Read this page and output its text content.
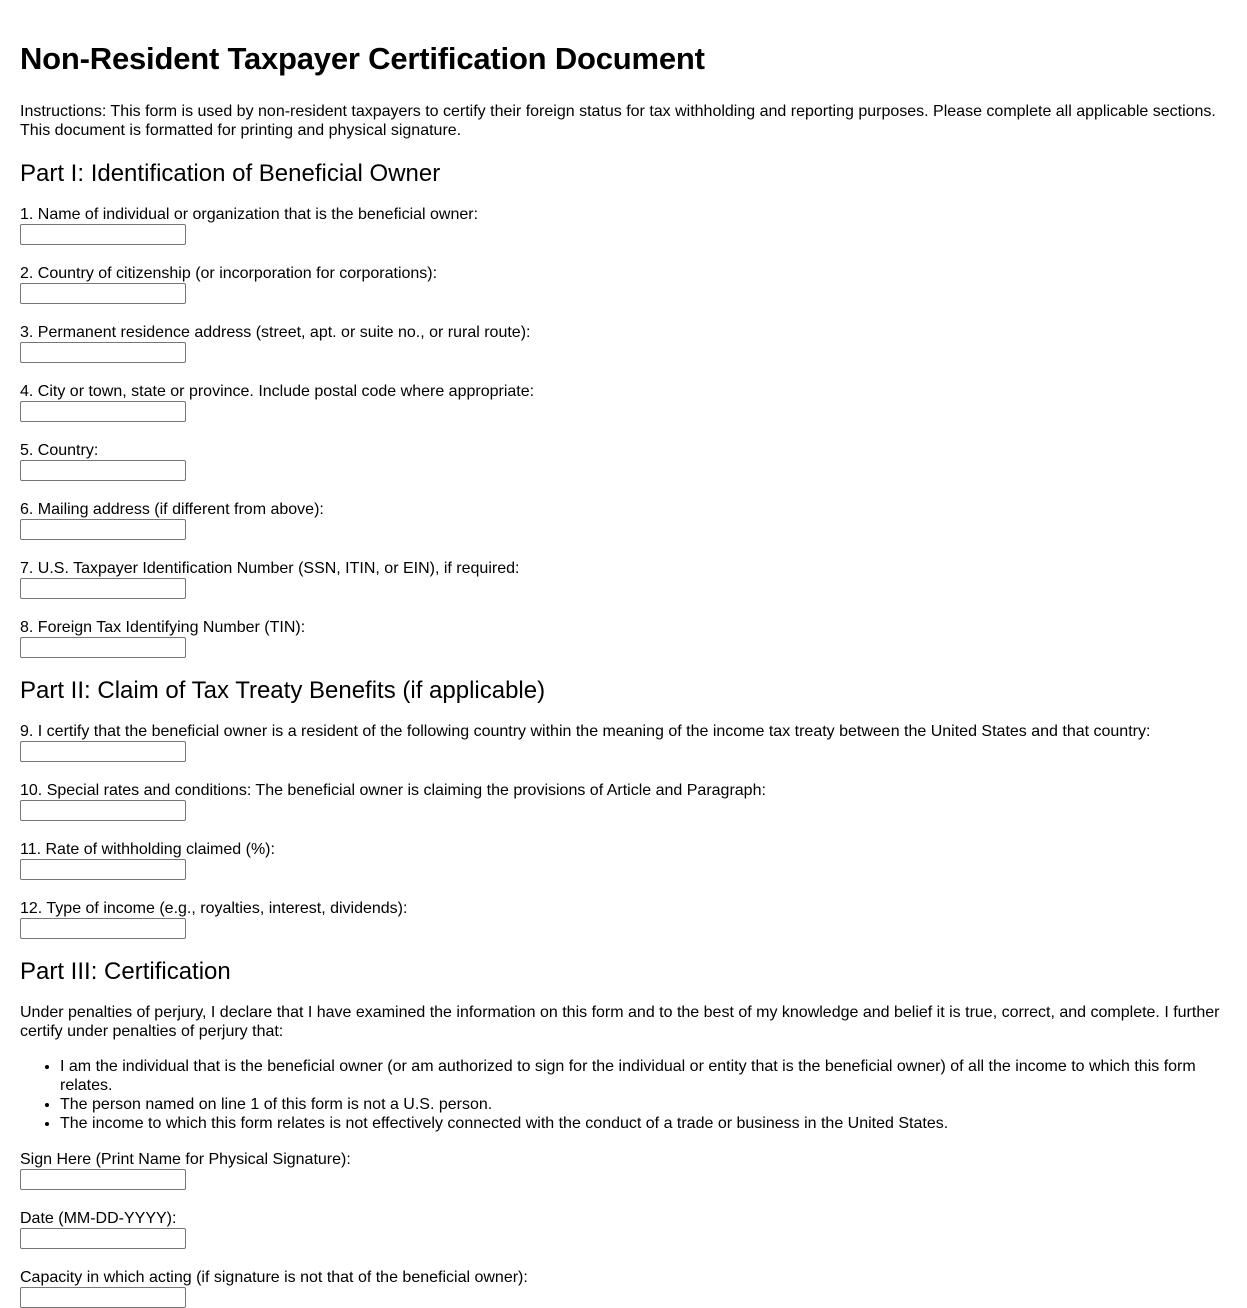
Non-Resident Taxpayer Certification Document

Instructions: This form is used by non-resident taxpayers to certify their foreign status for tax withholding and reporting purposes. Please complete all applicable sections.
This document is formatted for printing and physical signature.

Part I: Identification of Beneficial Owner
1. Name of individual or organization that is the beneficial owner:
2. Country of citizenship (or incorporation for corporations):
3. Permanent residence address (street, apt. or suite no., or rural route):
4. City or town, state or province. Include postal code where appropriate:
5. Country:
6. Mailing address (if different from above):
7. U.S. Taxpayer Identification Number (SSN, ITIN, or EIN), if required:
8. Foreign Tax Identifying Number (TIN):
Part II: Claim of Tax Treaty Benefits (if applicable)
9. I certify that the beneficial owner is a resident of the following country within the meaning of the income tax treaty between the United States and that country:
10. Special rates and conditions: The beneficial owner is claiming the provisions of Article and Paragraph:
11. Rate of withholding claimed (%):
12. Type of income (e.g., royalties, interest, dividends):
Part III: Certification

Under penalties of perjury, I declare that I have examined the information on this form and to the best of my knowledge and belief it is true, correct, and complete. I further certify under penalties of perjury that:

• I am the individual that is the beneficial owner (or am authorized to sign for the individual or entity that is the beneficial owner) of all the income to which this form relates.
• The person named on line 1 of this form is not a U.S. person.
• The income to which this form relates is not effectively connected with the conduct of a trade or business in the United States.
Sign Here (Print Name for Physical Signature):
Date (MM-DD-YYYY):
Capacity in which acting (if signature is not that of the beneficial owner):
